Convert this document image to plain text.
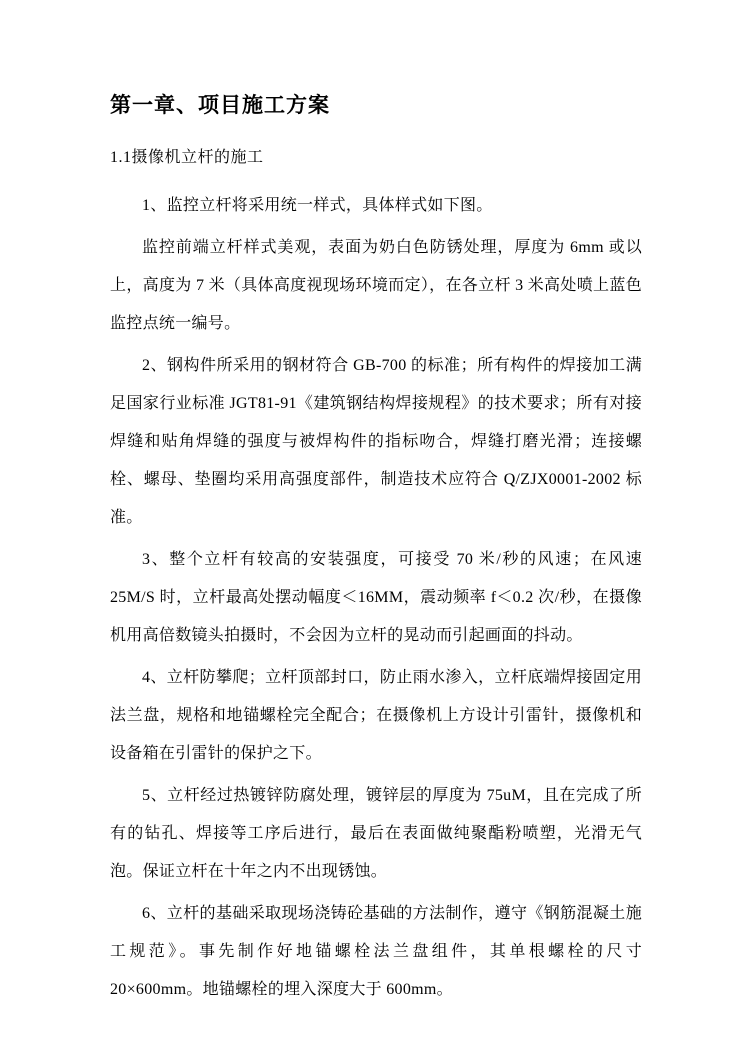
第一章、项目施工方案
1.1摄像机立杆的施工

1、监控立杆将采用统一样式，具体样式如下图。

监控前端立杆样式美观，表面为奶白色防锈处理，厚度为 6mm 或以上，高度为 7 米（具体高度视现场环境而定），在各立杆 3 米高处喷上蓝色监控点统一编号。

2、钢构件所采用的钢材符合 GB-700 的标准；所有构件的焊接加工满足国家行业标准 JGT81-91《建筑钢结构焊接规程》的技术要求；所有对接焊缝和贴角焊缝的强度与被焊构件的指标吻合，焊缝打磨光滑；连接螺栓、螺母、垫圈均采用高强度部件，制造技术应符合 Q/ZJX0001-2002 标准。

3、整个立杆有较高的安装强度，可接受 70 米/秒的风速；在风速 25M/S 时，立杆最高处摆动幅度＜16MM，震动频率 f＜0.2 次/秒，在摄像机用高倍数镜头拍摄时，不会因为立杆的晃动而引起画面的抖动。

4、立杆防攀爬；立杆顶部封口，防止雨水渗入，立杆底端焊接固定用法兰盘，规格和地锚螺栓完全配合；在摄像机上方设计引雷针，摄像机和设备箱在引雷针的保护之下。

5、立杆经过热镀锌防腐处理，镀锌层的厚度为 75uM，且在完成了所有的钻孔、焊接等工序后进行，最后在表面做纯聚酯粉喷塑，光滑无气泡。保证立杆在十年之内不出现锈蚀。

6、立杆的基础采取现场浇铸砼基础的方法制作，遵守《钢筋混凝土施工规范》。事先制作好地锚螺栓法兰盘组件，其单根螺栓的尺寸 20×600mm。地锚螺栓的埋入深度大于 600mm。
